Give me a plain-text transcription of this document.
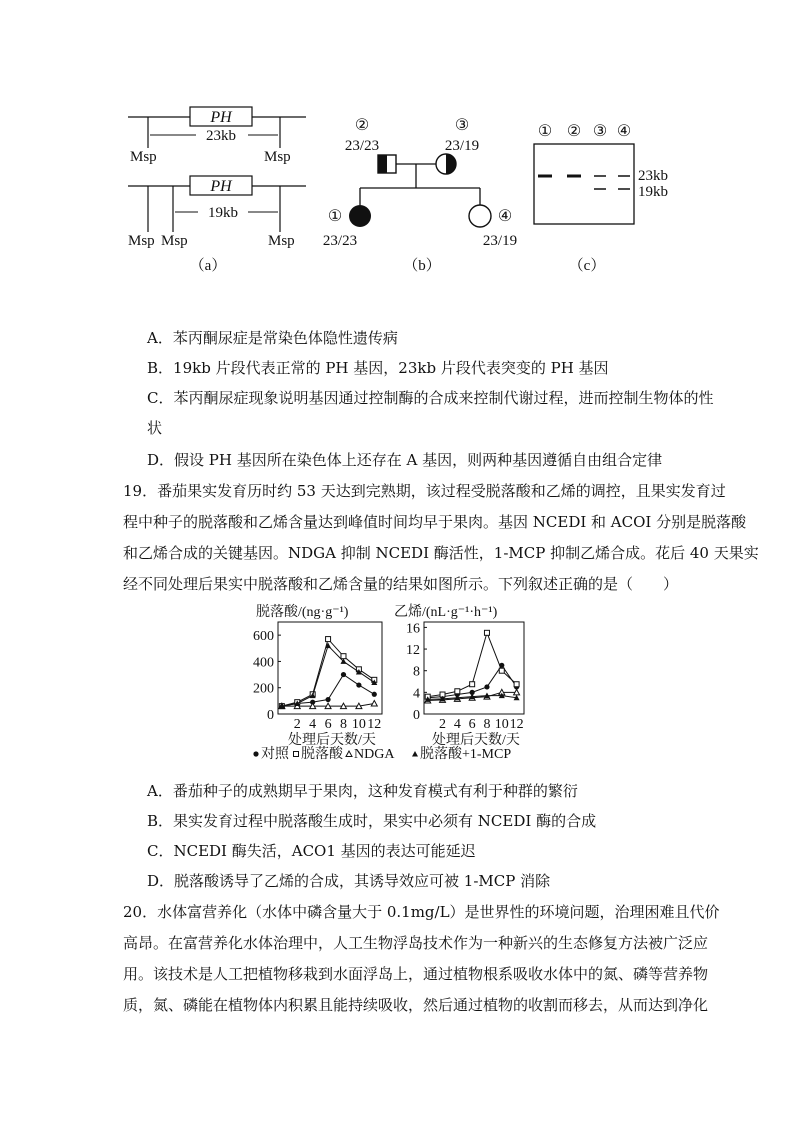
PH
23kb
Msp	Msp
PH
19kb
Msp Msp	Msp
（a）
②
23/23
③
23/19
①	④
23/23	23/19
（b）
① ② ③ ④
23kb
19kb
（c）
A．苯丙酮尿症是常染色体隐性遗传病
B．19kb 片段代表正常的 PH 基因，23kb 片段代表突变的 PH 基因
C．苯丙酮尿症现象说明基因通过控制酶的合成来控制代谢过程，进而控制生物体的性
状
D．假设 PH 基因所在染色体上还存在 A 基因，则两种基因遵循自由组合定律
19．番茄果实发育历时约 53 天达到完熟期，该过程受脱落酸和乙烯的调控，且果实发育过
程中种子的脱落酸和乙烯含量达到峰值时间均早于果肉。基因 NCEDI 和 ACOI 分别是脱落酸
和乙烯合成的关键基因。NDGA 抑制 NCEDI 酶活性，1-MCP 抑制乙烯合成。花后 40 天果实
经不同处理后果实中脱落酸和乙烯含量的结果如图所示。下列叙述正确的是（　　）
脱落酸/(ng·g⁻¹)
0
200
400
600
2 4 6 8 10 12
处理后天数/天
乙烯/(nL·g⁻¹·h⁻¹)
0
4
8
12
16
2 4 6 8 10 12
处理后天数/天
对照 脱落酸 NDGA 脱落酸+1-MCP
A．番茄种子的成熟期早于果肉，这种发育模式有利于种群的繁衍
B．果实发育过程中脱落酸生成时，果实中必须有 NCEDI 酶的合成
C．NCEDI 酶失活，ACO1 基因的表达可能延迟
D．脱落酸诱导了乙烯的合成，其诱导效应可被 1-MCP 消除
20．水体富营养化（水体中磷含量大于 0.1mg/L）是世界性的环境问题，治理困难且代价
高昂。在富营养化水体治理中，人工生物浮岛技术作为一种新兴的生态修复方法被广泛应
用。该技术是人工把植物移栽到水面浮岛上，通过植物根系吸收水体中的氮、磷等营养物
质，氮、磷能在植物体内积累且能持续吸收，然后通过植物的收割而移去，从而达到净化
